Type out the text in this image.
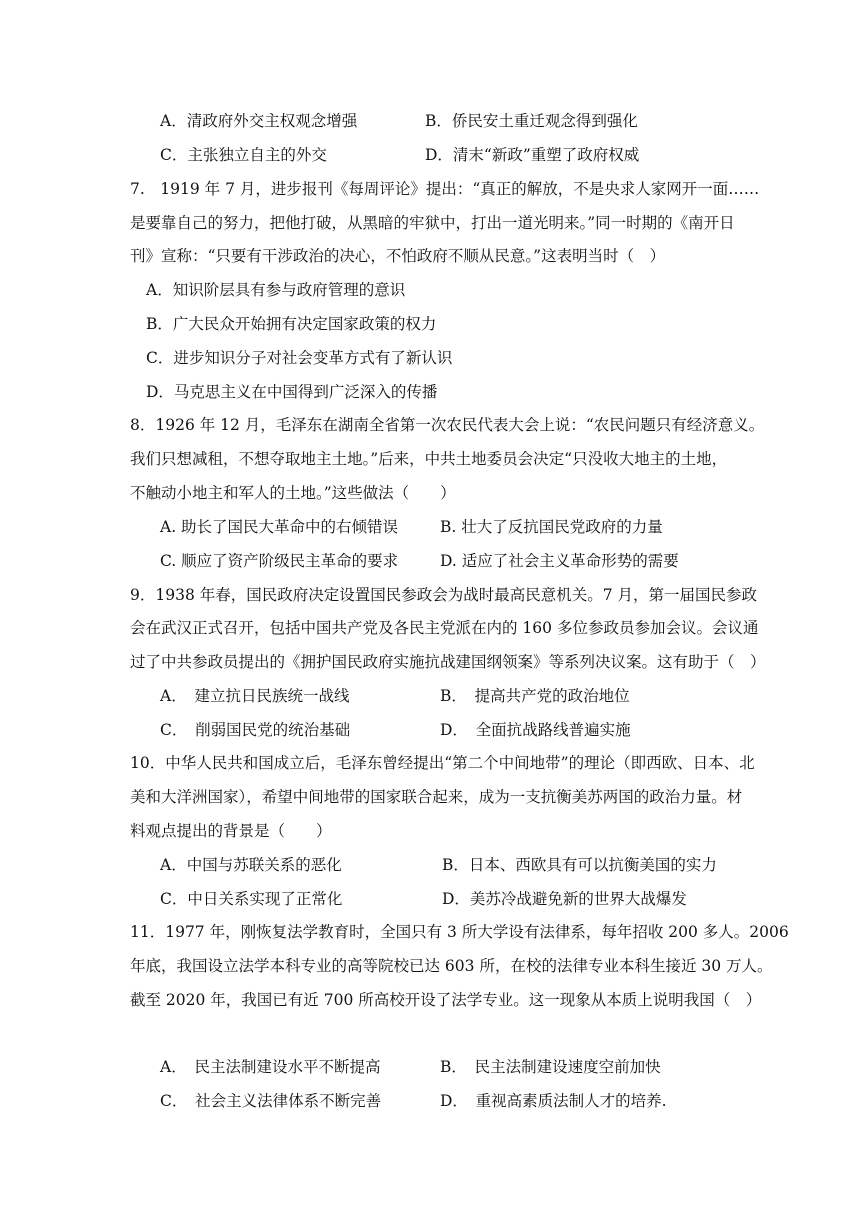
A．清政府外交主权观念增强	B．侨民安土重迁观念得到强化
C．主张独立自主的外交	D．清末“新政”重塑了政府权威
7.　1919 年 7 月，进步报刊《每周评论》提出：“真正的解放，不是央求人家网开一面……
是要靠自己的努力，把他打破，从黑暗的牢狱中，打出一道光明来。”同一时期的《南开日
刊》宣称：“只要有干涉政治的决心，不怕政府不顺从民意。”这表明当时（　）
A．知识阶层具有参与政府管理的意识
B．广大民众开始拥有决定国家政策的权力
C．进步知识分子对社会变革方式有了新认识
D．马克思主义在中国得到广泛深入的传播
8．1926 年 12 月，毛泽东在湖南全省第一次农民代表大会上说：“农民问题只有经济意义。
我们只想减租，不想夺取地主土地。”后来，中共土地委员会决定“只没收大地主的土地，
不触动小地主和军人的土地。”这些做法（　　）
A. 助长了国民大革命中的右倾错误	B. 壮大了反抗国民党政府的力量
C. 顺应了资产阶级民主革命的要求	D. 适应了社会主义革命形势的需要
9．1938 年春，国民政府决定设置国民参政会为战时最高民意机关。7 月，第一届国民参政
会在武汉正式召开，包括中国共产党及各民主党派在内的 160 多位参政员参加会议。会议通
过了中共参政员提出的《拥护国民政府实施抗战建国纲领案》等系列决议案。这有助于（　）
A．　建立抗日民族统一战线	B．　提高共产党的政治地位
C．　削弱国民党的统治基础	D．　全面抗战路线普遍实施
10．中华人民共和国成立后，毛泽东曾经提出“第二个中间地带”的理论（即西欧、日本、北
美和大洋洲国家），希望中间地带的国家联合起来，成为一支抗衡美苏两国的政治力量。材
料观点提出的背景是（　　）
A．中国与苏联关系的恶化	B．日本、西欧具有可以抗衡美国的实力
C．中日关系实现了正常化	D．美苏冷战避免新的世界大战爆发
11．1977 年，刚恢复法学教育时，全国只有 3 所大学设有法律系，每年招收 200 多人。2006
年底，我国设立法学本科专业的高等院校已达 603 所，在校的法律专业本科生接近 30 万人。
截至 2020 年，我国已有近 700 所高校开设了法学专业。这一现象从本质上说明我国（　）
A．　民主法制建设水平不断提高	B．　民主法制建设速度空前加快
C．　社会主义法律体系不断完善	D．　重视高素质法制人才的培养.
